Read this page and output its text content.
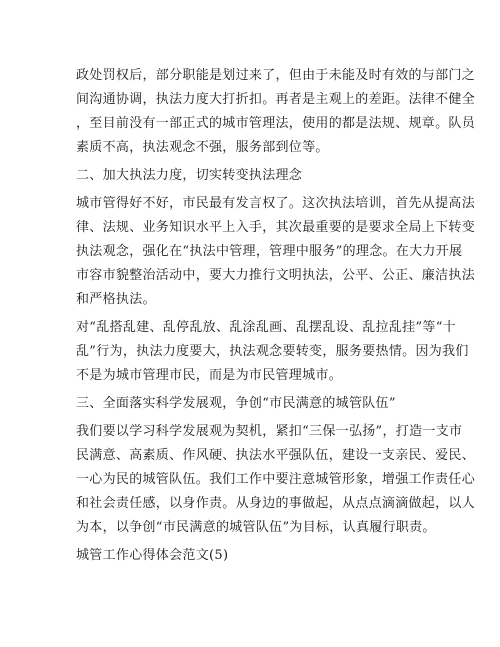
政处罚权后，部分职能是划过来了，但由于未能及时有效的与部门之
间沟通协调，执法力度大打折扣。再者是主观上的差距。法律不健全
，至目前没有一部正式的城市管理法，使用的都是法规、规章。队员
素质不高，执法观念不强，服务部到位等。
二、加大执法力度，切实转变执法理念
城市管得好不好，市民最有发言权了。这次执法培训，首先从提高法
律、法规、业务知识水平上入手，其次最重要的是要求全局上下转变
执法观念，强化在“执法中管理，管理中服务”的理念。在大力开展
市容市貌整治活动中，要大力推行文明执法，公平、公正、廉洁执法
和严格执法。
对“乱搭乱建、乱停乱放、乱涂乱画、乱摆乱设、乱拉乱挂”等“十
乱”行为，执法力度要大，执法观念要转变，服务要热情。因为我们
不是为城市管理市民，而是为市民管理城市。
三、全面落实科学发展观，争创“市民满意的城管队伍”
我们要以学习科学发展观为契机，紧扣“三保一弘扬”，打造一支市
民满意、高素质、作风硬、执法水平强队伍，建设一支亲民、爱民、
一心为民的城管队伍。我们工作中要注意城管形象，增强工作责任心
和社会责任感，以身作责。从身边的事做起，从点点滴滴做起，以人
为本，以争创“市民满意的城管队伍”为目标，认真履行职责。
城管工作心得体会范文(5)
